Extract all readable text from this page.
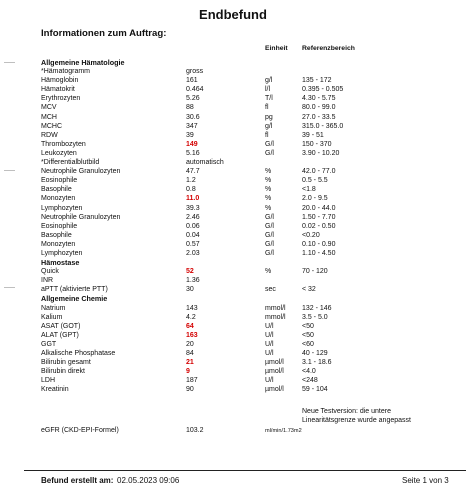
Endbefund
Informationen zum Auftrag:
Einheit Referenzbereich
Allgemeine Hämatologie
*Hämatogramm	gross
Hämoglobin	161	g/l	135 - 172
Hämatokrit	0.464	l/l	0.395 - 0.505
Erythrozyten	5.26	T/l	4.30 - 5.75
MCV	88	fl	80.0 - 99.0
MCH	30.6	pg	27.0 - 33.5
MCHC	347	g/l	315.0 - 365.0
RDW	39	fl	39 - 51
Thrombozyten	149	G/l	150 - 370
Leukozyten	5.16	G/l	3.90 - 10.20
*Differentialblutbild	automatisch
Neutrophile Granulozyten	47.7	%	42.0 - 77.0
Eosinophile	1.2	%	0.5 - 5.5
Basophile	0.8	%	<1.8
Monozyten	11.0	%	2.0 - 9.5
Lymphozyten	39.3	%	20.0 - 44.0
Neutrophile Granulozyten	2.46	G/l	1.50 - 7.70
Eosinophile	0.06	G/l	0.02 - 0.50
Basophile	0.04	G/l	<0.20
Monozyten	0.57	G/l	0.10 - 0.90
Lymphozyten	2.03	G/l	1.10 - 4.50
Hämostase
Quick	52	%	70 - 120
INR	1.36
aPTT (aktivierte PTT)	30	sec	< 32
Allgemeine Chemie
Natrium	143	mmol/l 132 - 146
Kalium	4.2	mmol/l 3.5 - 5.0
ASAT (GOT)	64	U/l	<50
ALAT (GPT)	163	U/l	<50
GGT	20	U/l	<60
Alkalische Phosphatase	84	U/l	40 - 129
Bilirubin gesamt	21	µmol/l	3.1 - 18.6
Bilirubin direkt	9	µmol/l	<4.0
LDH	187	U/l	<248
Kreatinin	90	µmol/l	59 - 104
Neue Testversion: die untere
Linearitätsgrenze wurde angepasst
eGFR (CKD-EPI-Formel)	103.2	ml/min/1.73m2
Befund erstellt am: 02.05.2023 09:06	Seite 1 von 3
